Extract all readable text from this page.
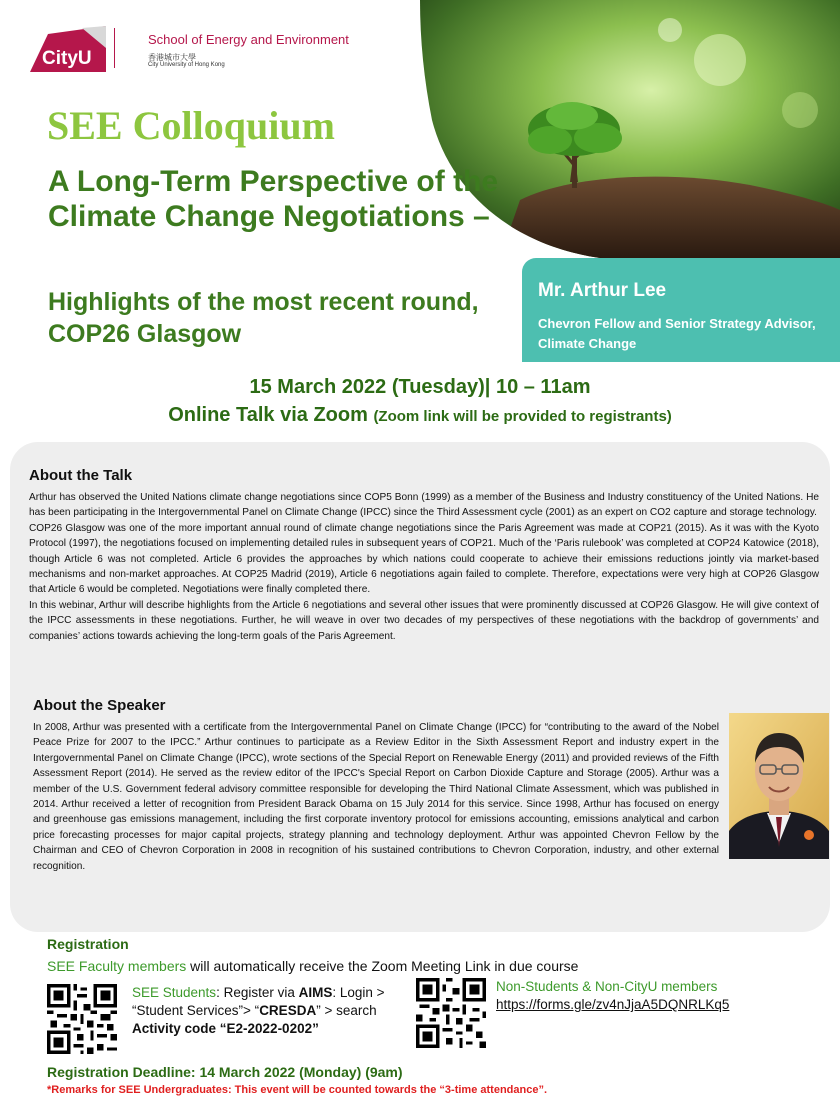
CityU
School of Energy and Environment
香港城市大學
City University of Hong Kong
SEE Colloquium
A Long-Term Perspective of the Climate Change Negotiations –
Highlights of the most recent round, COP26 Glasgow
Mr. Arthur Lee
Chevron Fellow and Senior Strategy Advisor, Climate Change
15 March 2022 (Tuesday)| 10 – 11am
Online Talk via Zoom (Zoom link will be provided to registrants)
About the Talk

Arthur has observed the United Nations climate change negotiations since COP5 Bonn (1999) as a member of the Business and Industry constituency of the United Nations. He has been participating in the Intergovernmental Panel on Climate Change (IPCC) since the Third Assessment cycle (2001) as an expert on CO2 capture and storage technology.

COP26 Glasgow was one of the more important annual round of climate change negotiations since the Paris Agreement was made at COP21 (2015). As it was with the Kyoto Protocol (1997), the negotiations focused on implementing detailed rules in subsequent years of COP21. Much of the ‘Paris rulebook’ was completed at COP24 Katowice (2018), though Article 6 was not completed. Article 6 provides the approaches by which nations could cooperate to achieve their emissions reductions jointly via market-based mechanisms and non-market approaches. At COP25 Madrid (2019), Article 6 negotiations again failed to complete. Therefore, expectations were very high at COP26 Glasgow that Article 6 would be completed. Negotiations were finally completed there.

In this webinar, Arthur will describe highlights from the Article 6 negotiations and several other issues that were prominently discussed at COP26 Glasgow. He will give context of the IPCC assessments in these negotiations. Further, he will weave in over two decades of my perspectives of these negotiations with the backdrop of governments’ and companies’ actions towards achieving the long-term goals of the Paris Agreement.

About the Speaker
In 2008, Arthur was presented with a certificate from the Intergovernmental Panel on Climate Change (IPCC) for “contributing to the award of the Nobel Peace Prize for 2007 to the IPCC.” Arthur continues to participate as a Review Editor in the Sixth Assessment Report and industry expert in the Intergovernmental Panel on Climate Change (IPCC), wrote sections of the Special Report on Renewable Energy (2011) and provided reviews of the Fifth Assessment Report (2014). He served as the review editor of the IPCC's Special Report on Carbon Dioxide Capture and Storage (2005). Arthur was a member of the U.S. Government federal advisory committee responsible for developing the Third National Climate Assessment, which was published in 2014. Arthur received a letter of recognition from President Barack Obama on 15 July 2014 for this service. Since 1998, Arthur has focused on energy and greenhouse gas emissions management, including the first corporate inventory protocol for emissions accounting, emissions analytical and carbon price forecasting processes for major capital projects, strategy planning and technology deployment. Arthur was appointed Chevron Fellow by the Chairman and CEO of Chevron Corporation in 2008 in recognition of his sustained contributions to Chevron Corporation, industry, and other external recognition.
Registration
SEE Faculty members will automatically receive the Zoom Meeting Link in due course
SEE Students: Register via AIMS: Login > “Student Services”> “CRESDA” > search
Activity code “E2-2022-0202”
Non-Students & Non-CityU members
https://forms.gle/zv4nJjaA5DQNRLKq5
Registration Deadline: 14 March 2022 (Monday) (9am)
*Remarks for SEE Undergraduates: This event will be counted towards the “3-time attendance”.
